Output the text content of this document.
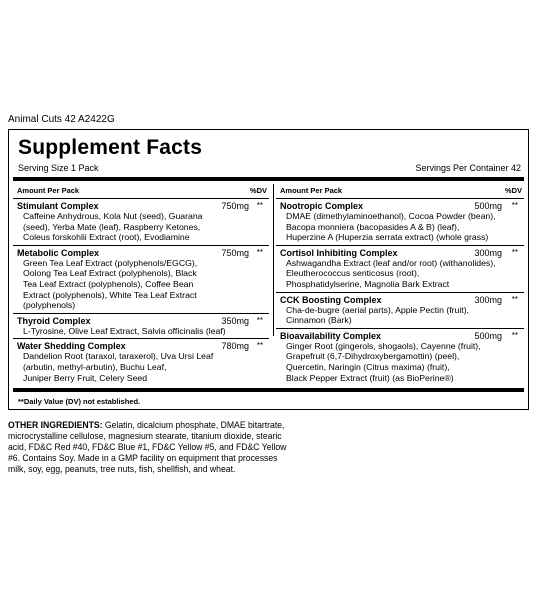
Animal Cuts 42 A2422G
Supplement Facts
Serving Size 1 Pack	Servings Per Container 42
Amount Per Pack	%DV
Stimulant Complex	750mg **
Caffeine Anhydrous, Kola Nut (seed), Guarana
(seed), Yerba Mate (leaf), Raspberry Ketones,
Coleus forskohlii Extract (root), Evodiamine
Metabolic Complex	750mg **
Green Tea Leaf Extract (polyphenols/EGCG),
Oolong Tea Leaf Extract (polyphenols), Black
Tea Leaf Extract (polyphenols), Coffee Bean
Extract (polyphenols), White Tea Leaf Extract
(polyphenols)
Thyroid Complex	350mg **
L-Tyrosine, Olive Leaf Extract, Salvia officinalis (leaf)
Water Shedding Complex	780mg **
Dandelion Root (taraxol, taraxerol), Uva Ursi Leaf
(arbutin, methyl-arbutin), Buchu Leaf,
Juniper Berry Fruit, Celery Seed
Amount Per Pack	%DV
Nootropic Complex	500mg **
DMAE (dimethylaminoethanol), Cocoa Powder (bean),
Bacopa monniera (bacopasides A & B) (leaf),
Huperzine A (Huperzia serrata extract) (whole grass)
Cortisol Inhibiting Complex	300mg **
Ashwagandha Extract (leaf and/or root) (withanolides),
Eleutherococcus senticosus (root),
Phosphatidylserine, Magnolia Bark Extract
CCK Boosting Complex	300mg **
Cha-de-bugre (aerial parts), Apple Pectin (fruit),
Cinnamon (Bark)
Bioavailability Complex	500mg **
Ginger Root (gingerols, shogaols), Cayenne (fruit),
Grapefruit (6,7-Dihydroxybergamottin) (peel),
Quercetin, Naringin (Citrus maxima) (fruit),
Black Pepper Extract (fruit) (as BioPerine®)
**Daily Value (DV) not established.
OTHER INGREDIENTS: Gelatin, dicalcium phosphate, DMAE bitartrate, microcrystalline cellulose, magnesium stearate, titanium dioxide, stearic acid, FD&C Red #40, FD&C Blue #1, FD&C Yellow #5, and FD&C Yellow #6. Contains Soy. Made in a GMP facility on equipment that processes milk, soy, egg, peanuts, tree nuts, fish, shellfish, and wheat.
